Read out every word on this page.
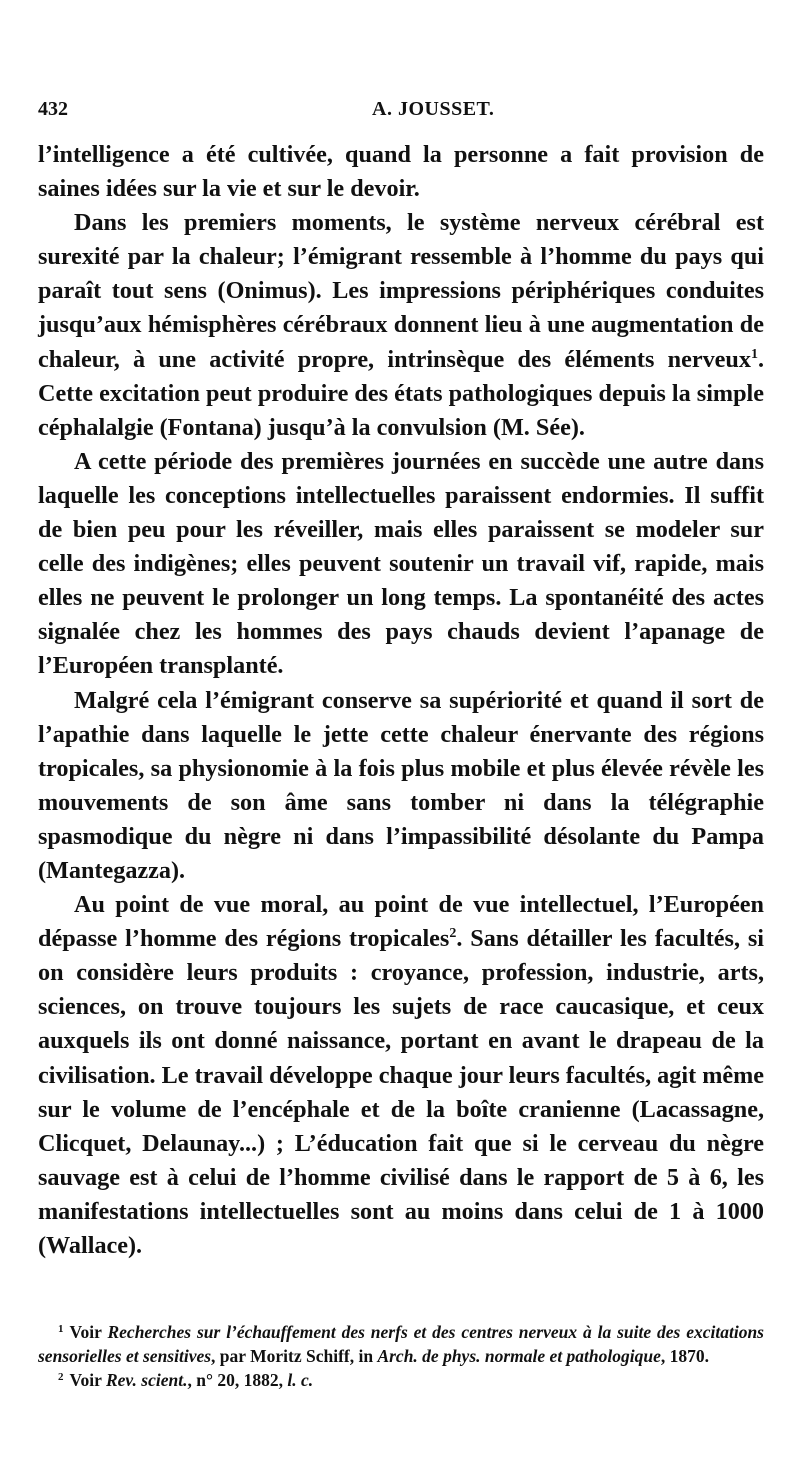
432	A. JOUSSET.

l’intelligence a été cultivée, quand la personne a fait provision de saines idées sur la vie et sur le devoir.

Dans les premiers moments, le système nerveux cérébral est surexité par la chaleur; l’émigrant ressemble à l’homme du pays qui paraît tout sens (Onimus). Les impressions périphériques conduites jusqu’aux hémisphères cérébraux donnent lieu à une augmentation de chaleur, à une activité propre, intrinsèque des éléments nerveux$^1$. Cette excitation peut produire des états pathologiques depuis la simple céphalalgie (Fontana) jusqu’à la convulsion (M. Sée).

A cette période des premières journées en succède une autre dans laquelle les conceptions intellectuelles paraissent endormies. Il suffit de bien peu pour les réveiller, mais elles paraissent se modeler sur celle des indigènes; elles peuvent soutenir un travail vif, rapide, mais elles ne peuvent le prolonger un long temps. La spontanéité des actes signalée chez les hommes des pays chauds devient l’apanage de l’Européen transplanté.

Malgré cela l’émigrant conserve sa supériorité et quand il sort de l’apathie dans laquelle le jette cette chaleur énervante des régions tropicales, sa physionomie à la fois plus mobile et plus élevée révèle les mouvements de son âme sans tomber ni dans la télégraphie spasmodique du nègre ni dans l’impassibilité désolante du Pampa (Mantegazza).

Au point de vue moral, au point de vue intellectuel, l’Européen dépasse l’homme des régions tropicales$^2$. Sans détailler les facultés, si on considère leurs produits : croyance, profession, industrie, arts, sciences, on trouve toujours les sujets de race caucasique, et ceux auxquels ils ont donné naissance, portant en avant le drapeau de la civilisation. Le travail développe chaque jour leurs facultés, agit même sur le volume de l’encéphale et de la boîte cranienne (Lacassagne, Clicquet, Delaunay...) ; L’éducation fait que si le cerveau du nègre sauvage est à celui de l’homme civilisé dans le rapport de 5 à 6, les manifestations intellectuelles sont au moins dans celui de 1 à 1000 (Wallace).

$^1$ Voir Recherches sur l’échauffement des nerfs et des centres nerveux à la suite des excitations sensorielles et sensitives, par Moritz Schiff, in Arch. de phys. normale et pathologique, 1870.

$^2$ Voir Rev. scient., n° 20, 1882, l. c.
